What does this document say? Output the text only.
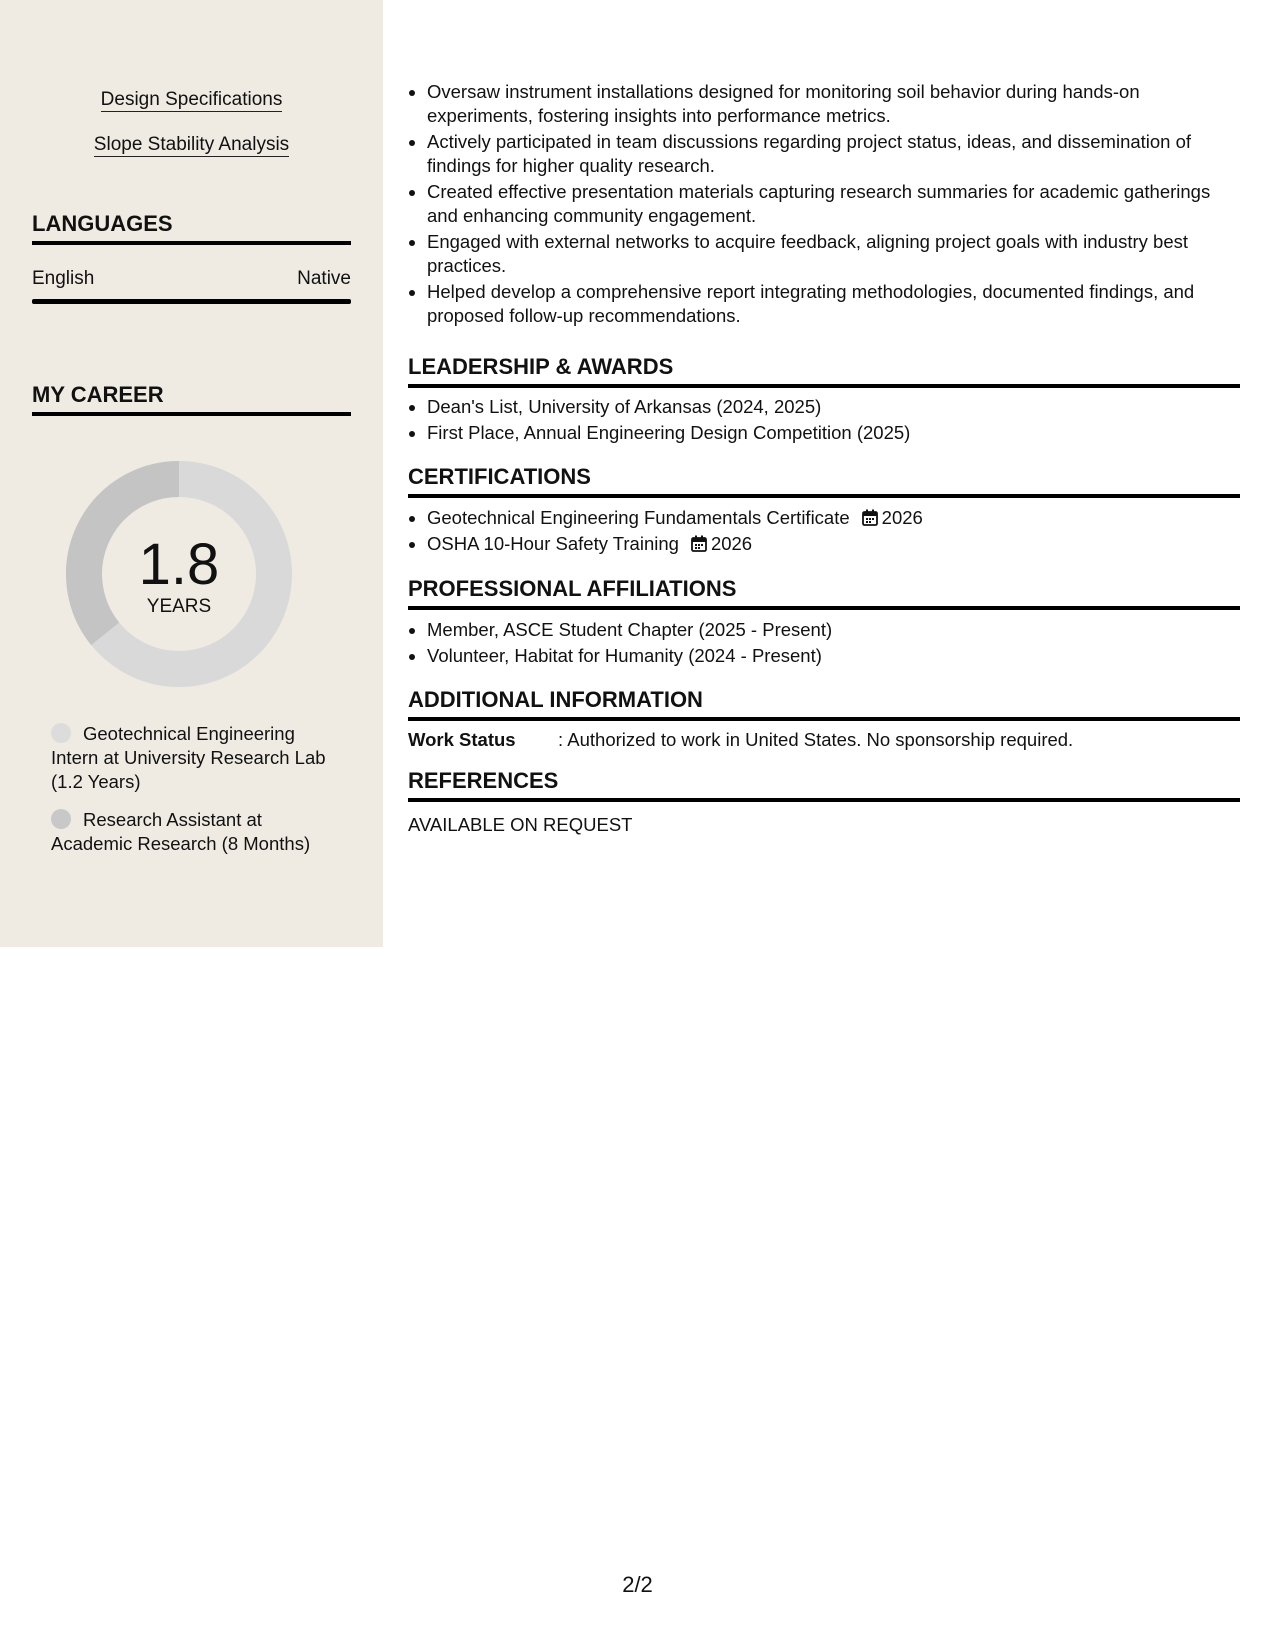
Design Specifications
Slope Stability Analysis
LANGUAGES
English	Native
MY CAREER
1.8
YEARS
Geotechnical Engineering Intern at University Research Lab (1.2 Years)
Research Assistant at Academic Research (8 Months)
• Oversaw instrument installations designed for monitoring soil behavior during hands-on experiments, fostering insights into performance metrics.
• Actively participated in team discussions regarding project status, ideas, and dissemination of findings for higher quality research.
• Created effective presentation materials capturing research summaries for academic gatherings and enhancing community engagement.
• Engaged with external networks to acquire feedback, aligning project goals with industry best practices.
• Helped develop a comprehensive report integrating methodologies, documented findings, and proposed follow-up recommendations.
LEADERSHIP & AWARDS
• Dean's List, University of Arkansas (2024, 2025)
• First Place, Annual Engineering Design Competition (2025)
CERTIFICATIONS
• Geotechnical Engineering Fundamentals Certificate 2026
• OSHA 10-Hour Safety Training 2026
PROFESSIONAL AFFILIATIONS
• Member, ASCE Student Chapter (2025 - Present)
• Volunteer, Habitat for Humanity (2024 - Present)
ADDITIONAL INFORMATION
Work Status : Authorized to work in United States. No sponsorship required.
REFERENCES
AVAILABLE ON REQUEST
2/2
